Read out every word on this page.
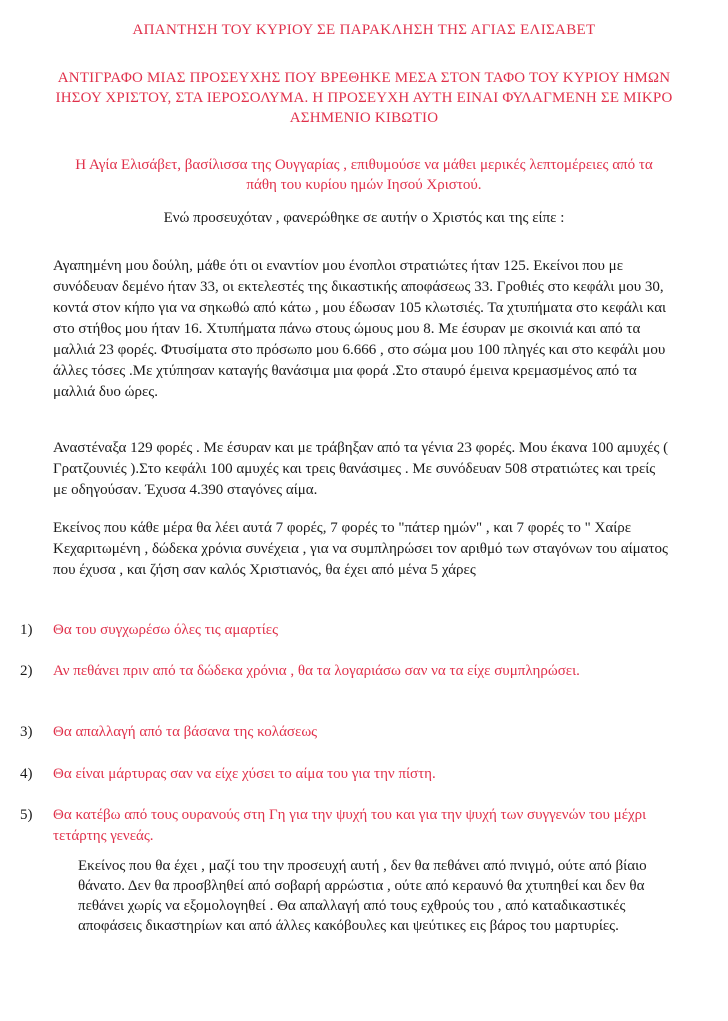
ΑΠΑΝΤΗΣΗ ΤΟΥ ΚΥΡΙΟΥ ΣΕ ΠΑΡΑΚΛΗΣΗ ΤΗΣ ΑΓΙΑΣ ΕΛΙΣΑΒΕΤ
ΑΝΤΙΓΡΑΦΟ ΜΙΑΣ ΠΡΟΣΕΥΧΗΣ ΠΟΥ ΒΡΕΘΗΚΕ ΜΕΣΑ ΣΤΟΝ ΤΑΦΟ ΤΟΥ ΚΥΡΙΟΥ ΗΜΩΝ ΙΗΣΟΥ ΧΡΙΣΤΟΥ, ΣΤΑ ΙΕΡΟΣΟΛΥΜΑ. Η ΠΡΟΣΕΥΧΗ ΑΥΤΗ ΕΙΝΑΙ ΦΥΛΑΓΜΕΝΗ ΣΕ ΜΙΚΡΟ ΑΣΗΜΕΝΙΟ ΚΙΒΩΤΙΟ
Η Αγία Ελισάβετ, βασίλισσα της Ουγγαρίας , επιθυμούσε να μάθει μερικές λεπτομέρειες από τα πάθη του κυρίου ημών Ιησού Χριστού.
Ενώ προσευχόταν , φανερώθηκε σε αυτήν ο Χριστός και της είπε :
Αγαπημένη μου δούλη, μάθε ότι οι εναντίον μου ένοπλοι στρατιώτες ήταν 125. Εκείνοι που με συνόδευαν δεμένο ήταν 33, οι εκτελεστές της δικαστικής αποφάσεως 33. Γροθιές στο κεφάλι μου 30, κοντά στον κήπο για να σηκωθώ από κάτω , μου έδωσαν 105 κλωτσιές. Τα χτυπήματα στο κεφάλι και στο στήθος μου ήταν 16. Χτυπήματα πάνω στους ώμους μου 8. Με έσυραν με σκοινιά και από τα μαλλιά 23 φορές. Φτυσίματα στο πρόσωπο μου 6.666 , στο σώμα μου 100 πληγές και στο κεφάλι μου άλλες τόσες .Με χτύπησαν καταγής θανάσιμα μια φορά .Στο σταυρό έμεινα κρεμασμένος από τα μαλλιά δυο ώρες.
Αναστέναξα 129 φορές . Με έσυραν και με τράβηξαν από τα γένια 23 φορές. Μου έκανα 100 αμυχές ( Γρατζουνιές ).Στο κεφάλι 100 αμυχές και τρεις θανάσιμες . Με συνόδευαν 508 στρατιώτες και τρείς με οδηγούσαν. Έχυσα 4.390 σταγόνες αίμα.
Εκείνος που κάθε μέρα θα λέει αυτά 7 φορές, 7 φορές το "πάτερ ημών" , και 7 φορές το " Χαίρε Κεχαριτωμένη , δώδεκα χρόνια συνέχεια , για να συμπληρώσει τον αριθμό των σταγόνων του αίματος που έχυσα , και ζήση σαν καλός Χριστιανός, θα έχει από μένα 5 χάρες
1) Θα του συγχωρέσω όλες τις αμαρτίες
2) Αν πεθάνει πριν από τα δώδεκα χρόνια , θα τα λογαριάσω σαν να τα είχε συμπληρώσει.
3) Θα απαλλαγή από τα βάσανα της κολάσεως
4) Θα είναι μάρτυρας σαν να είχε χύσει το αίμα του για την πίστη.
5) Θα κατέβω από τους ουρανούς στη Γη για την ψυχή του και για την ψυχή των συγγενών του μέχρι τετάρτης γενεάς.
Εκείνος που θα έχει , μαζί του την προσευχή αυτή , δεν θα πεθάνει από πνιγμό, ούτε από βίαιο θάνατο. Δεν θα προσβληθεί από σοβαρή αρρώστια , ούτε από κεραυνό θα χτυπηθεί και δεν θα πεθάνει χωρίς να εξομολογηθεί . Θα απαλλαγή από τους εχθρούς του , από καταδικαστικές αποφάσεις δικαστηρίων και από άλλες κακόβουλες και ψεύτικες εις βάρος του μαρτυρίες.
